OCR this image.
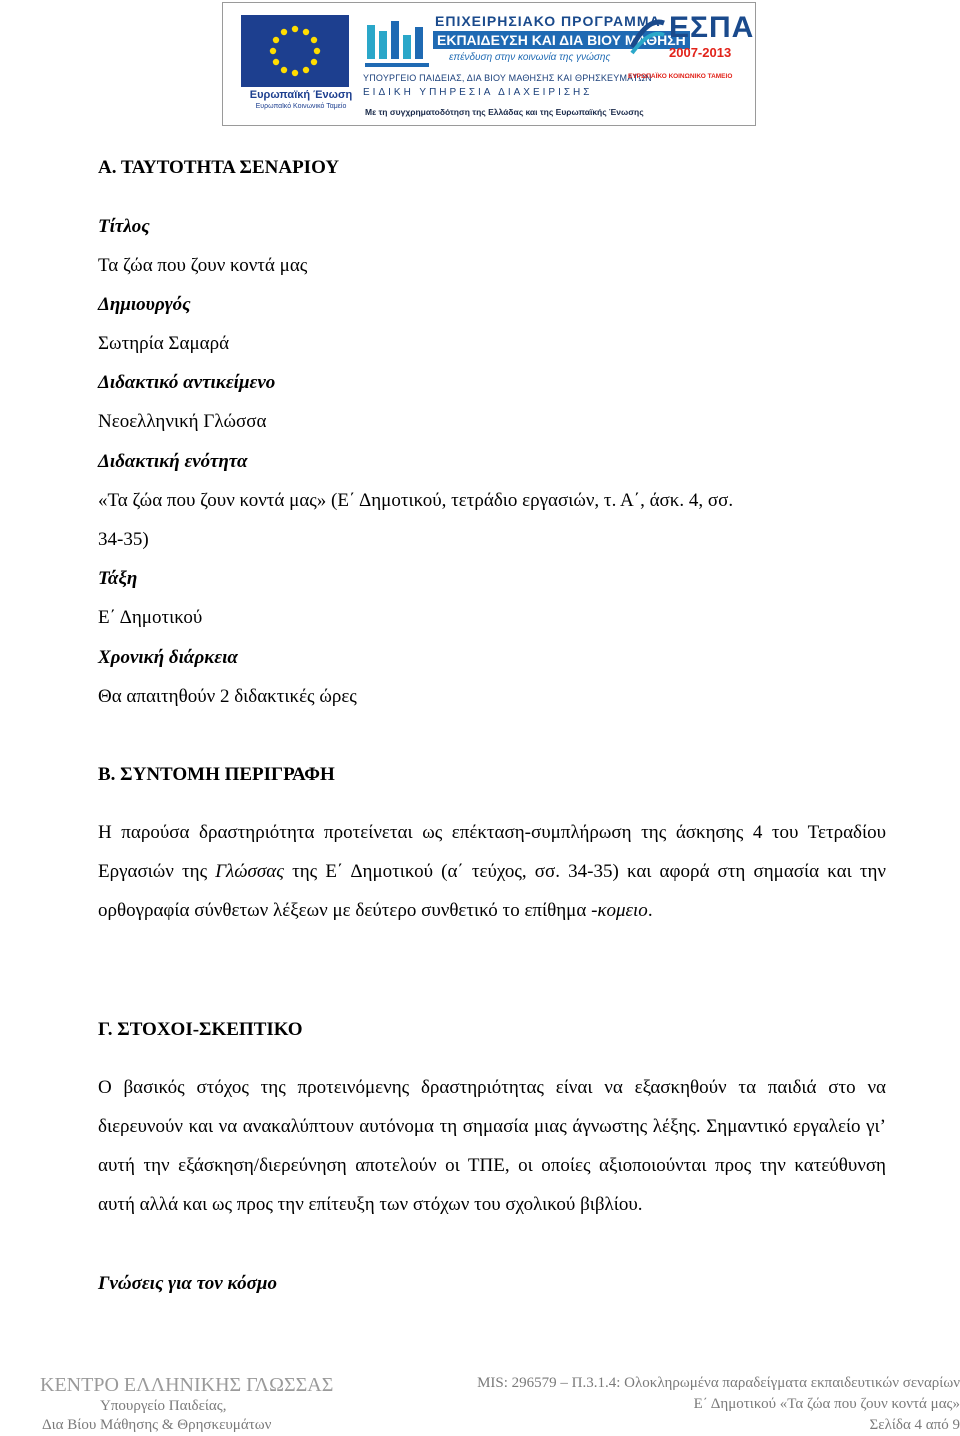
Ευρωπαϊκή Ένωση
Ευρωπαϊκό Κοινωνικό Ταμείο
ΕΠΙΧΕΙΡΗΣΙΑΚΟ ΠΡΟΓΡΑΜΜΑ
ΕΚΠΑΙΔΕΥΣΗ ΚΑΙ ΔΙΑ ΒΙΟΥ ΜΑΘΗΣΗ
επένδυση στην κοινωνία της γνώσης
ΥΠΟΥΡΓΕΙΟ ΠΑΙΔΕΙΑΣ, ΔΙΑ ΒΙΟΥ ΜΑΘΗΣΗΣ ΚΑΙ ΘΡΗΣΚΕΥΜΑΤΩΝ
ΕΙΔΙΚΗ ΥΠΗΡΕΣΙΑ ΔΙΑΧΕΙΡΙΣΗΣ
Με τη συγχρηματοδότηση της Ελλάδας και της Ευρωπαϊκής Ένωσης
ΕΣΠΑ
2007-2013
ΕΥΡΩΠΑΪΚΟ ΚΟΙΝΩΝΙΚΟ ΤΑΜΕΙΟ
Α. ΤΑΥΤΟΤΗΤΑ ΣΕΝΑΡΙΟΥ
Τίτλος
Τα ζώα που ζουν κοντά μας
Δημιουργός
Σωτηρία Σαμαρά
Διδακτικό αντικείμενο
Νεοελληνική Γλώσσα
Διδακτική ενότητα
«Τα ζώα που ζουν κοντά μας» (Ε΄ Δημοτικού, τετράδιο εργασιών, τ. Α΄, άσκ. 4, σσ.
34-35)
Τάξη
Ε΄ Δημοτικού
Χρονική διάρκεια
Θα απαιτηθούν 2 διδακτικές ώρες
Β. ΣΥΝΤΟΜΗ ΠΕΡΙΓΡΑΦΗ
Η παρούσα δραστηριότητα προτείνεται ως επέκταση-συμπλήρωση της άσκησης 4 του Τετραδίου Εργασιών της Γλώσσας της Ε΄ Δημοτικού (α΄ τεύχος, σσ. 34-35) και αφορά στη σημασία και την ορθογραφία σύνθετων λέξεων με δεύτερο συνθετικό το επίθημα -κομειο.
Γ. ΣΤΟΧΟΙ-ΣΚΕΠΤΙΚΟ
Ο βασικός στόχος της προτεινόμενης δραστηριότητας είναι να εξασκηθούν τα παιδιά στο να διερευνούν και να ανακαλύπτουν αυτόνομα τη σημασία μιας άγνωστης λέξης. Σημαντικό εργαλείο γι’ αυτή την εξάσκηση/διερεύνηση αποτελούν οι ΤΠΕ, οι οποίες αξιοποιούνται προς την κατεύθυνση αυτή αλλά και ως προς την επίτευξη των στόχων του σχολικού βιβλίου.
Γνώσεις για τον κόσμο
ΚΕΝΤΡΟ ΕΛΛΗΝΙΚΗΣ ΓΛΩΣΣΑΣ
Υπουργείο Παιδείας,
Δια Βίου Μάθησης & Θρησκευμάτων
MIS: 296579 – Π.3.1.4: Ολοκληρωμένα παραδείγματα εκπαιδευτικών σεναρίων
Ε΄ Δημοτικού «Τα ζώα που ζουν κοντά μας»
Σελίδα 4 από 9
